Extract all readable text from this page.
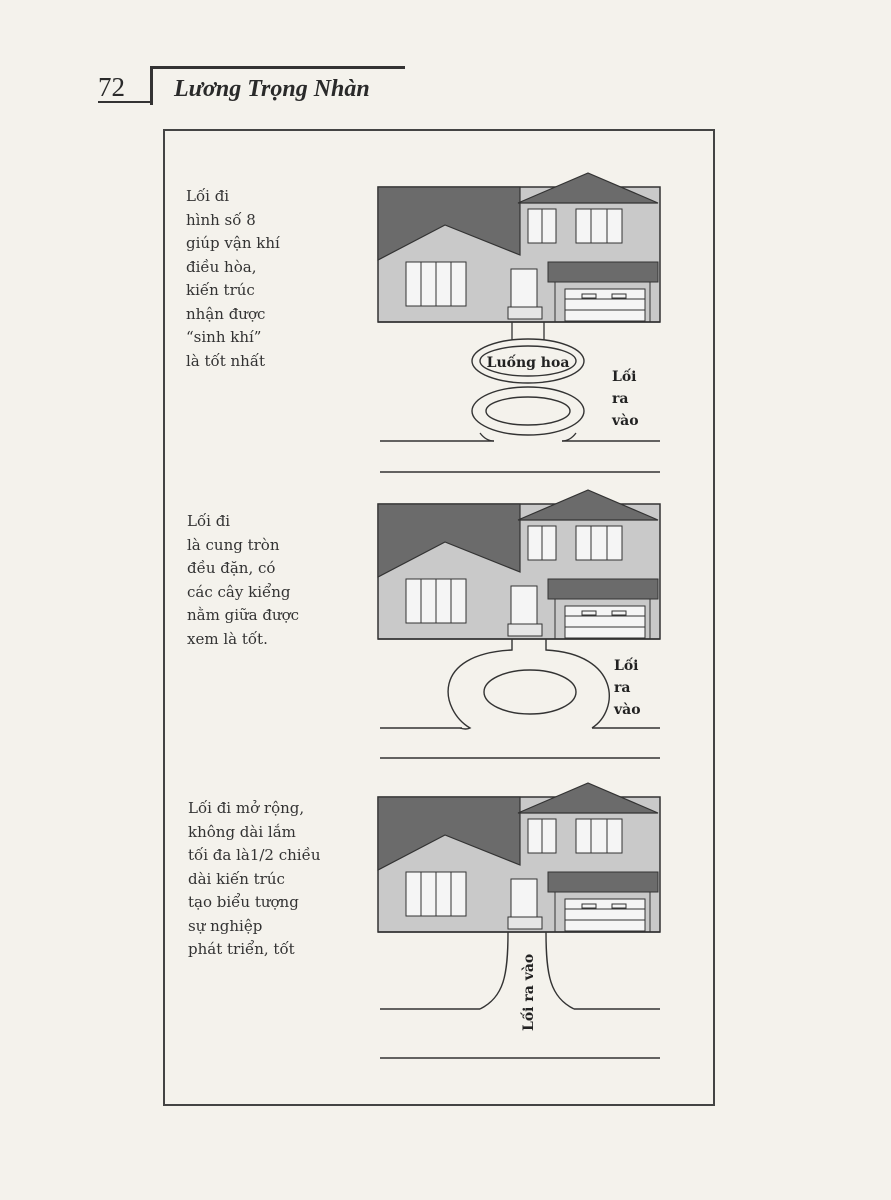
72 Lương Trọng Nhàn
Lối đi
hình số 8
giúp vận khí
điều hòa,
kiến trúc
nhận được
“sinh khí”
là tốt nhất
Lối đi
là cung tròn
đều đặn, có
các cây kiểng
nằm giữa được
xem là tốt.
Lối đi mở rộng,
không dài lắm
tối đa là1/2 chiều
dài kiến trúc
tạo biểu tượng
sự nghiệp
phát triển, tốt
Luống hoa
Lối
ra
vào
Lối
ra
vào
Lối ra vào
